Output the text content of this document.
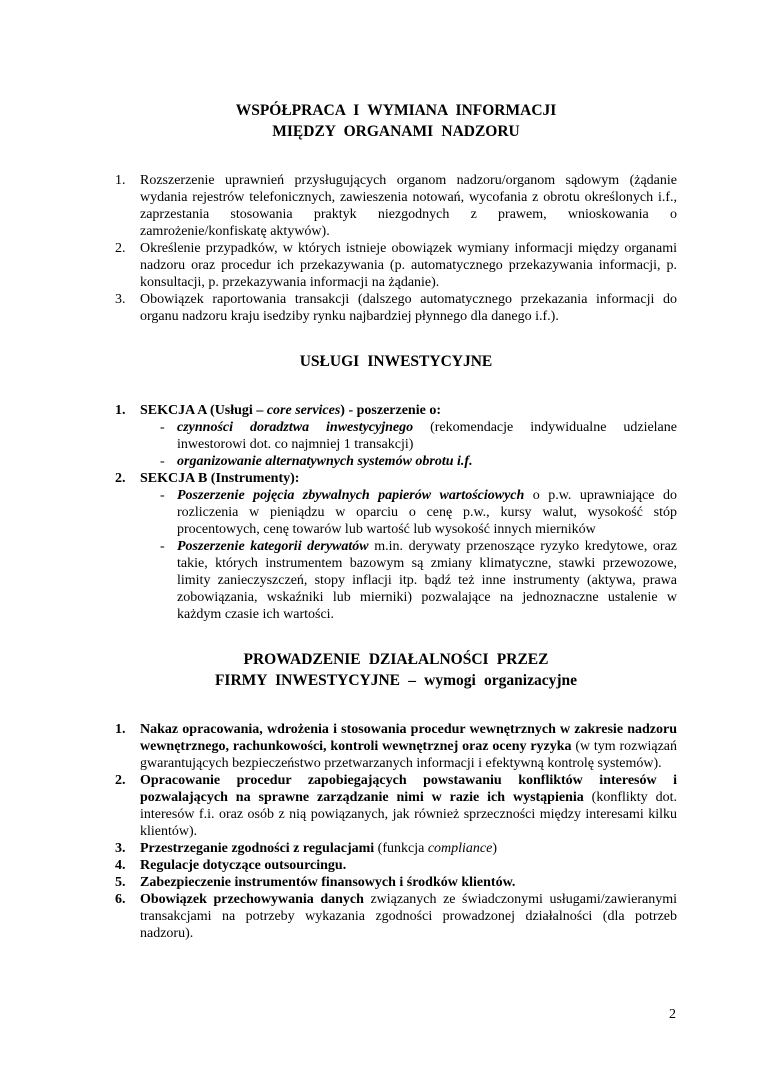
WSPÓŁPRACA I WYMIANA INFORMACJI
MIĘDZY ORGANAMI NADZORU
1.	Rozszerzenie uprawnień przysługujących organom nadzoru/organom sądowym (żądanie wydania rejestrów telefonicznych, zawieszenia notowań, wycofania z obrotu określonych i.f., zaprzestania stosowania praktyk niezgodnych z prawem, wnioskowania o zamrożenie/konfiskatę aktywów).
2.	Określenie przypadków, w których istnieje obowiązek wymiany informacji między organami nadzoru oraz procedur ich przekazywania (p. automatycznego przekazywania informacji, p. konsultacji, p. przekazywania informacji na żądanie).
3.	Obowiązek raportowania transakcji (dalszego automatycznego przekazania informacji do organu nadzoru kraju isedziby rynku najbardziej płynnego dla danego i.f.).
USŁUGI INWESTYCYJNE
1.	SEKCJA A (Usługi – core services) - poszerzenie o:
- czynności doradztwa inwestycyjnego (rekomendacje indywidualne udzielane inwestorowi dot. co najmniej 1 transakcji)
- organizowanie alternatywnych systemów obrotu i.f.
2.	SEKCJA B (Instrumenty):
- Poszerzenie pojęcia zbywalnych papierów wartościowych o p.w. uprawniające do rozliczenia w pieniądzu w oparciu o cenę p.w., kursy walut, wysokość stóp procentowych, cenę towarów lub wartość lub wysokość innych mierników
- Poszerzenie kategorii derywatów m.in. derywaty przenoszące ryzyko kredytowe, oraz takie, których instrumentem bazowym są zmiany klimatyczne, stawki przewozowe, limity zanieczyszczeń, stopy inflacji itp. bądź też inne instrumenty (aktywa, prawa zobowiązania, wskaźniki lub mierniki) pozwalające na jednoznaczne ustalenie w każdym czasie ich wartości.
PROWADZENIE DZIAŁALNOŚCI PRZEZ
FIRMY INWESTYCYJNE – wymogi organizacyjne
1.	Nakaz opracowania, wdrożenia i stosowania procedur wewnętrznych w zakresie nadzoru wewnętrznego, rachunkowości, kontroli wewnętrznej oraz oceny ryzyka (w tym rozwiązań gwarantujących bezpieczeństwo przetwarzanych informacji i efektywną kontrolę systemów).
2.	Opracowanie procedur zapobiegających powstawaniu konfliktów interesów i pozwalających na sprawne zarządzanie nimi w razie ich wystąpienia (konflikty dot. interesów f.i. oraz osób z nią powiązanych, jak również sprzeczności między interesami kilku klientów).
3.	Przestrzeganie zgodności z regulacjami (funkcja compliance)
4.	Regulacje dotyczące outsourcingu.
5.	Zabezpieczenie instrumentów finansowych i środków klientów.
6.	Obowiązek przechowywania danych związanych ze świadczonymi usługami/zawieranymi transakcjami na potrzeby wykazania zgodności prowadzonej działalności (dla potrzeb nadzoru).
2
